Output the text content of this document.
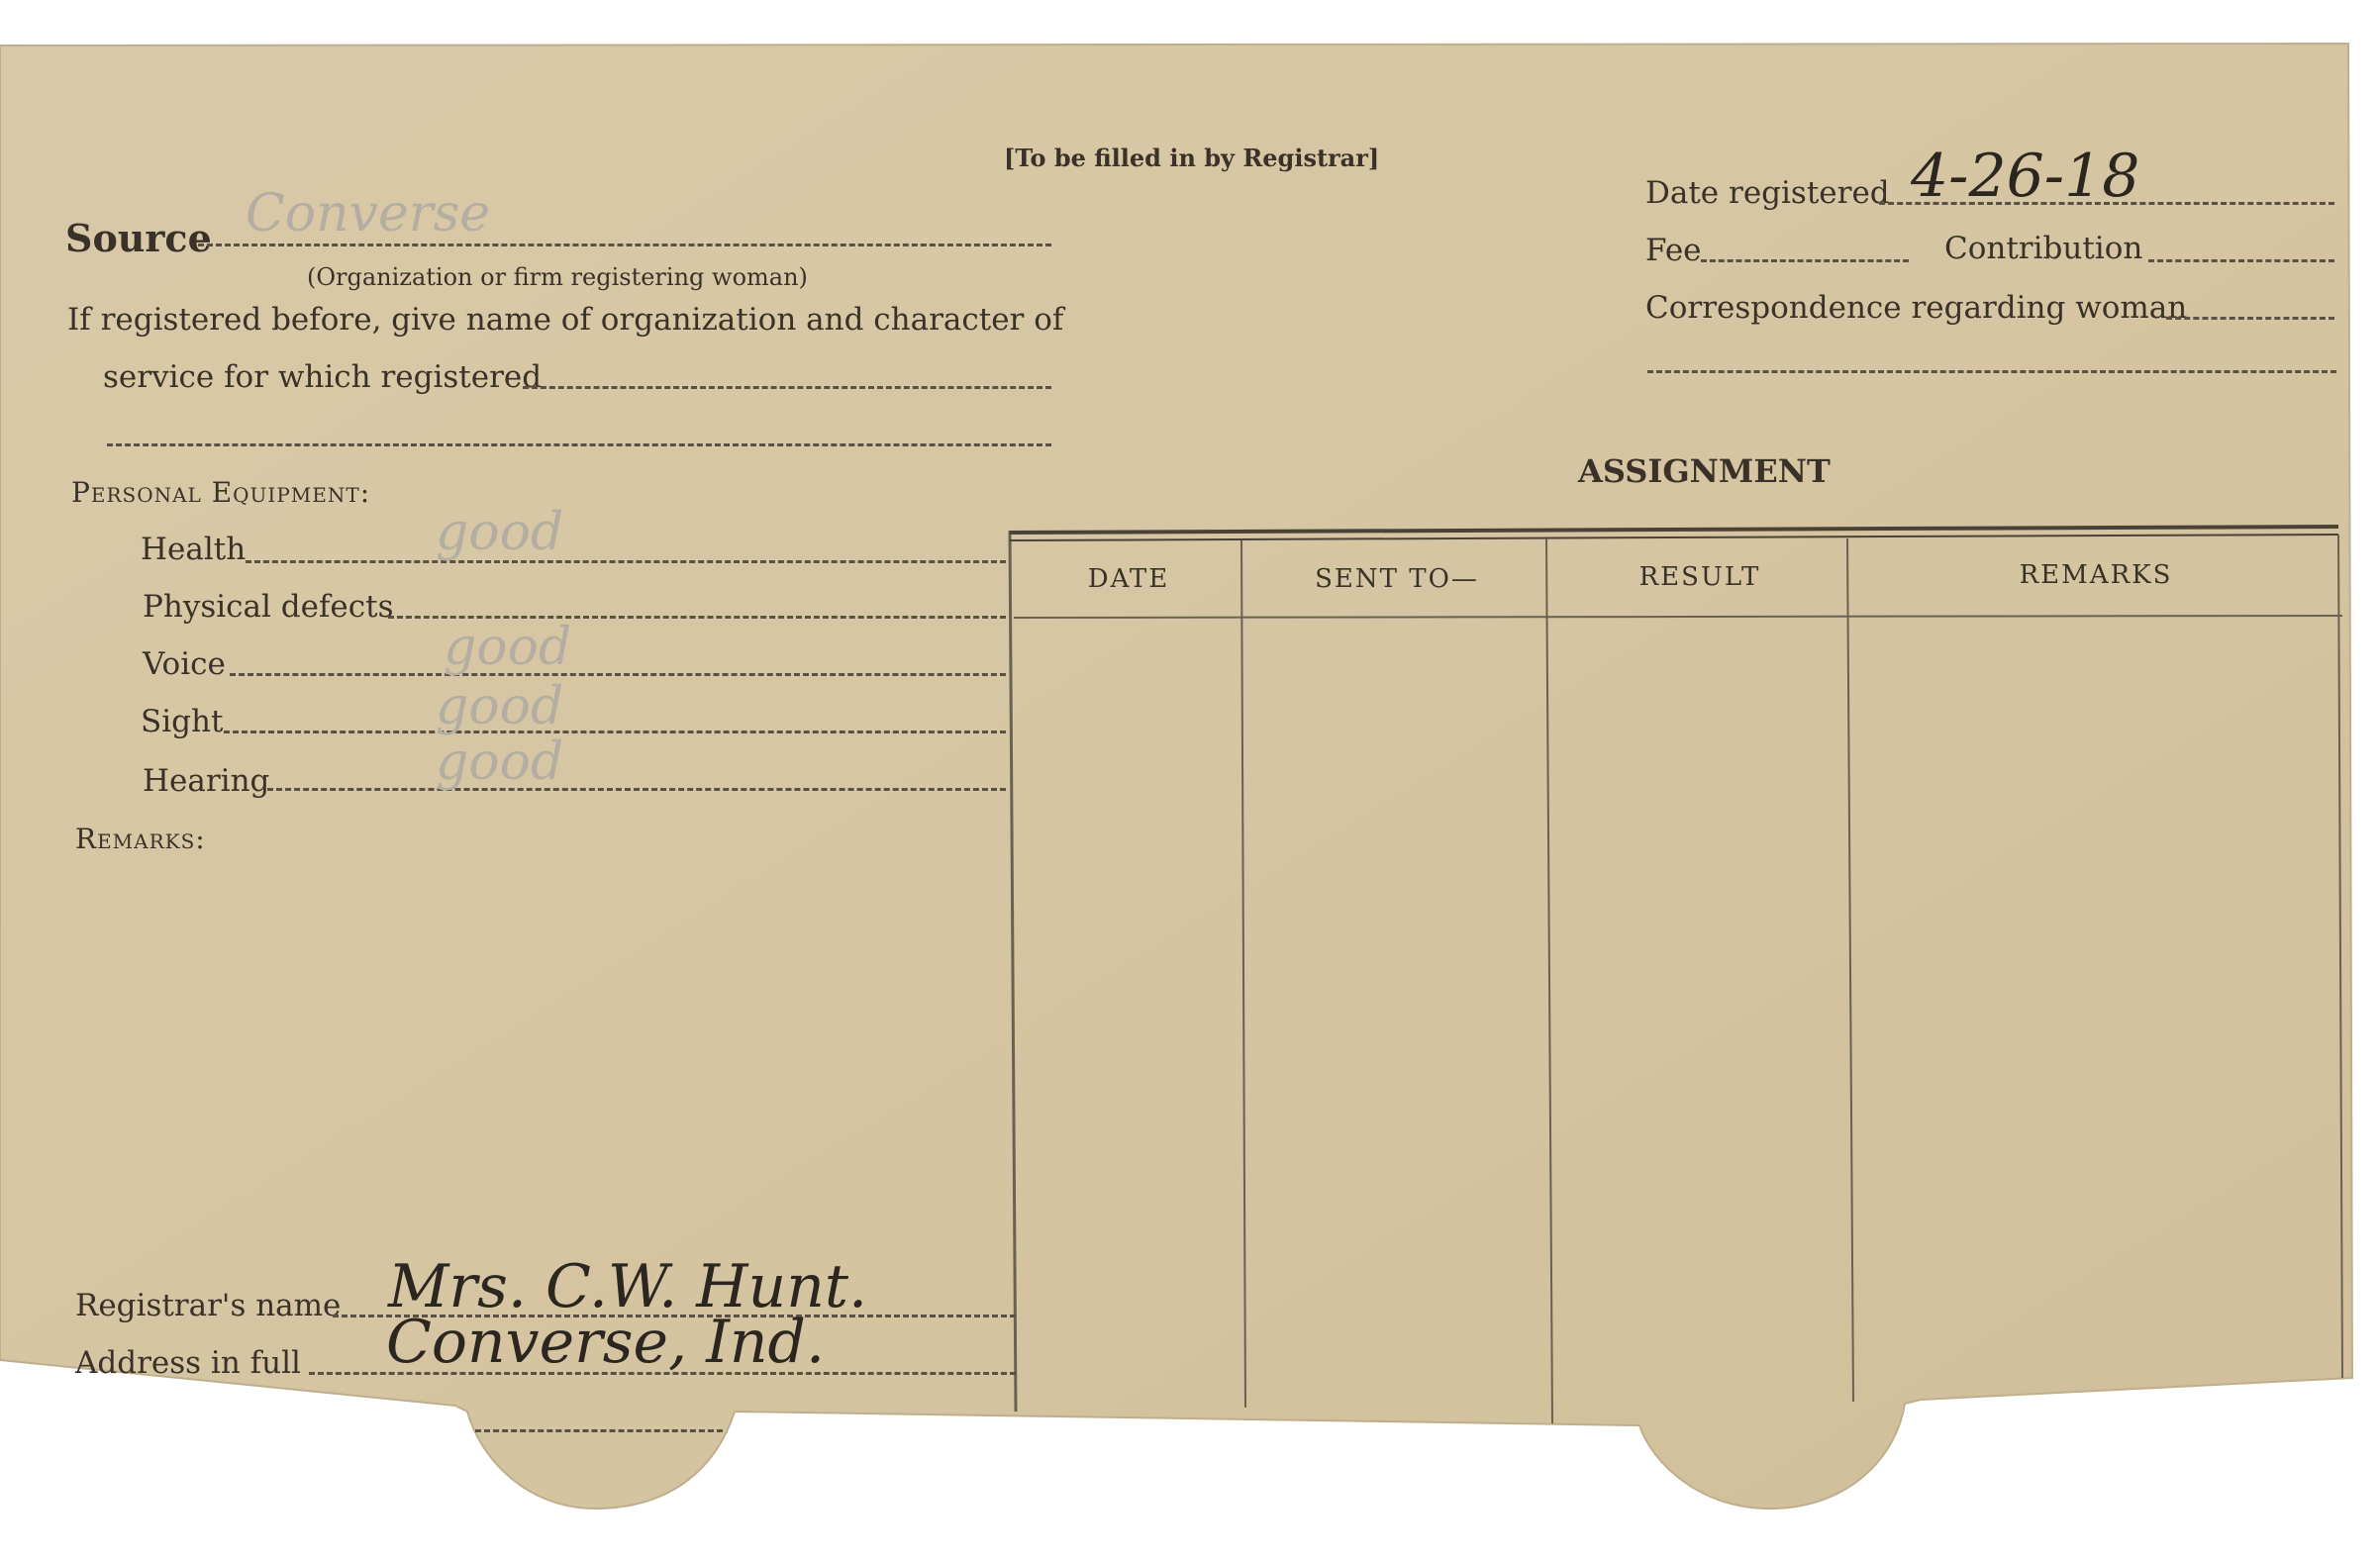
[To be filled in by Registrar]
Source Converse
(Organization or firm registering woman)
If registered before, give name of organization and character of
service for which registered
Personal Equipment:
Health	good
Physical defects
Voice	good
Sight	good
Hearing	good
Remarks:
Registrar's name Mrs. C.W. Hunt.
Address in full Converse, Ind.
Date registered 4-26-18
Fee	Contribution
Correspondence regarding woman
ASSIGNMENT
DATE	SENT TO—	RESULT	REMARKS
